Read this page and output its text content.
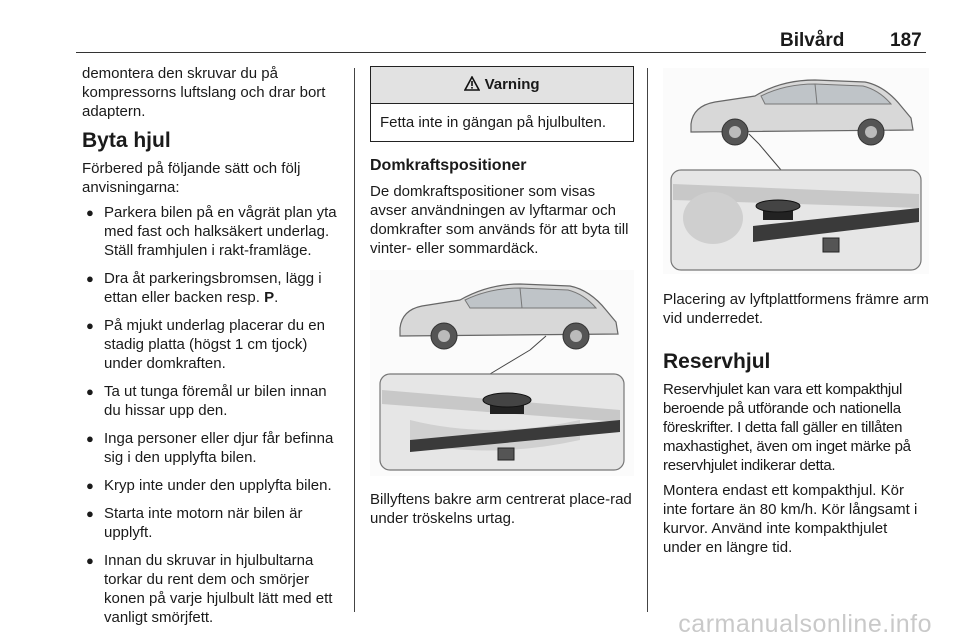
Bilvård 187

demontera den skruvar du på kompressorns luftslang och drar bort adaptern.

Byta hjul

Förbered på följande sätt och följ anvisningarna:

● Parkera bilen på en vågrät plan yta med fast och halksäkert underlag. Ställ framhjulen i rakt-framläge.
● Dra åt parkeringsbromsen, lägg i ettan eller backen resp. P.
● På mjukt underlag placerar du en stadig platta (högst 1 cm tjock) under domkraften.
● Ta ut tunga föremål ur bilen innan du hissar upp den.
● Inga personer eller djur får befinna sig i den upplyfta bilen.
● Kryp inte under den upplyfta bilen.
● Starta inte motorn när bilen är upplyft.
● Innan du skruvar in hjulbultarna torkar du rent dem och smörjer konen på varje hjulbult lätt med ett vanligt smörjfett.
Varning
Fetta inte in gängan på hjulbulten.
Domkraftspositioner

De domkraftspositioner som visas avser användningen av lyftarmar och domkrafter som används för att byta till vinter- eller sommardäck.

Billyftens bakre arm centrerat place-rad under tröskelns urtag.

Placering av lyftplattformens främre arm vid underredet.

Reservhjul

Reservhjulet kan vara ett kompakthjul beroende på utförande och nationella föreskrifter. I detta fall gäller en tillåten maxhastighet, även om inget märke på reservhjulet indikerar detta.

Montera endast ett kompakthjul. Kör inte fortare än 80 km/h. Kör långsamt i kurvor. Använd inte kompakthjulet under en längre tid.

carmanualsonline.info
